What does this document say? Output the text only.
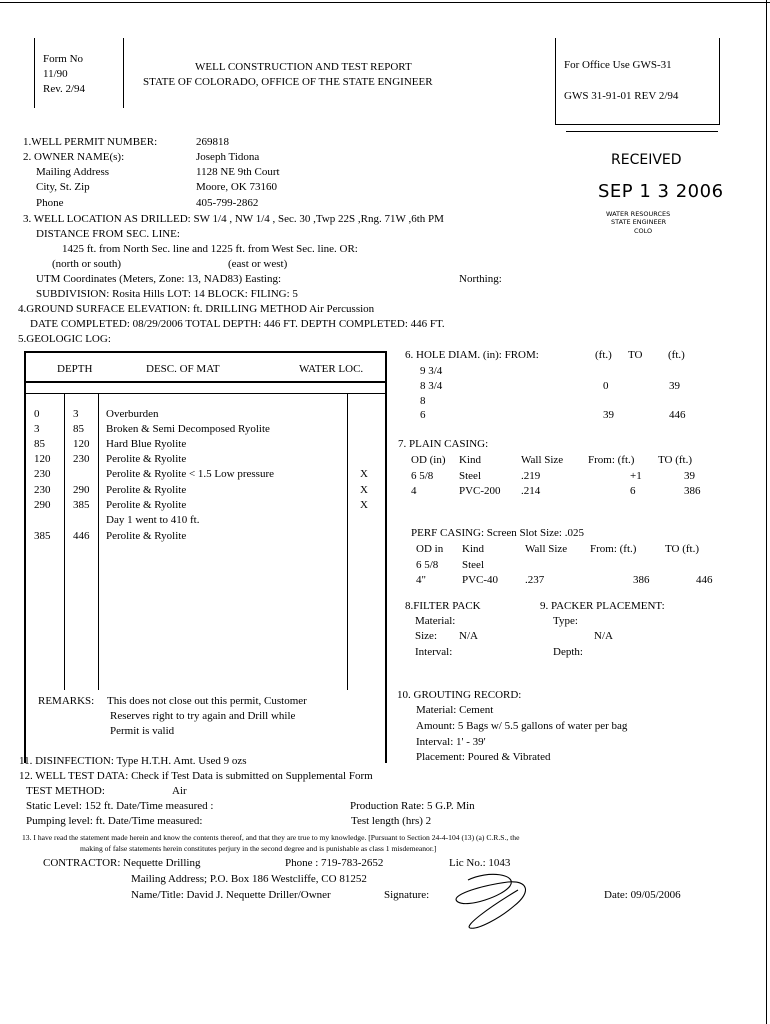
Form No
11/90
Rev. 2/94
WELL CONSTRUCTION AND TEST REPORT
STATE OF COLORADO, OFFICE OF THE STATE ENGINEER
For Office Use GWS-31
GWS 31-91-01 REV 2/94
RECEIVED
SEP 1 3 2006
WATER RESOURCES
STATE ENGINEER
COLO
1.WELL PERMIT NUMBER:	269818
2. OWNER NAME(s):	Joseph Tidona
Mailing Address	1128 NE 9th Court
City, St. Zip	Moore, OK 73160
Phone	405-799-2862
3. WELL LOCATION AS DRILLED: SW 1/4 , NW 1/4 , Sec. 30 ,Twp 22S ,Rng. 71W ,6th PM
DISTANCE FROM SEC. LINE:
1425 ft. from North Sec. line and 1225 ft. from West Sec. line. OR:
(north or south)	(east or west)
UTM Coordinates (Meters, Zone: 13, NAD83) Easting:	Northing:
SUBDIVISION: Rosita Hills LOT: 14 BLOCK: FILING: 5
4.GROUND SURFACE ELEVATION: ft. DRILLING METHOD Air Percussion
DATE COMPLETED: 08/29/2006 TOTAL DEPTH: 446 FT. DEPTH COMPLETED: 446 FT.
5.GEOLOGIC LOG:
DEPTH	DESC. OF MAT	WATER LOC.
0	3	Overburden
3	85 Broken & Semi Decomposed Ryolite
85	120 Hard Blue Ryolite
120 230 Perolite & Ryolite
230	Perolite & Ryolite < 1.5 Low pressure	X
230 290 Perolite & Ryolite	X
290 385 Perolite & Ryolite	X
Day 1 went to 410 ft.
385 446 Perolite & Ryolite
REMARKS: This does not close out this permit, Customer
Reserves right to try again and Drill while
Permit is valid
6. HOLE DIAM. (in): FROM:	(ft.) TO (ft.)
9 3/4
8 3/4	0	39
8
6	39	446
7. PLAIN CASING:
OD (in) Kind	Wall Size From: (ft.) TO (ft.)
6 5/8 Steel	.219	+1	39
4	PVC-200 .214	6	386
PERF CASING: Screen Slot Size: .025
OD in Kind	Wall Size From: (ft.)	TO (ft.)
6 5/8 Steel
4"	PVC-40 .237	386	446
8.FILTER PACK
Material:
Size: N/A
Interval:
9. PACKER PLACEMENT:
Type:
N/A
Depth:
10. GROUTING RECORD:
Material: Cement
Amount: 5 Bags w/ 5.5 gallons of water per bag
Interval: 1' - 39'
Placement: Poured & Vibrated
11. DISINFECTION: Type H.T.H. Amt. Used 9 ozs
12. WELL TEST DATA: Check if Test Data is submitted on Supplemental Form
TEST METHOD:	Air
Static Level: 152 ft. Date/Time measured :	Production Rate: 5 G.P. Min
Pumping level: ft. Date/Time measured:	Test length (hrs) 2
13. I have read the statement made herein and know the contents thereof, and that they are true to my knowledge. [Pursuant to Section 24-4-104 (13) (a) C.R.S., the
making of false statements herein constitutes perjury in the second degree and is punishable as class 1 misdemeanor.]
CONTRACTOR: Nequette Drilling	Phone : 719-783-2652	Lic No.: 1043
Mailing Address; P.O. Box 186 Westcliffe, CO 81252
Name/Title: David J. Nequette Driller/Owner	Signature:	Date: 09/05/2006
